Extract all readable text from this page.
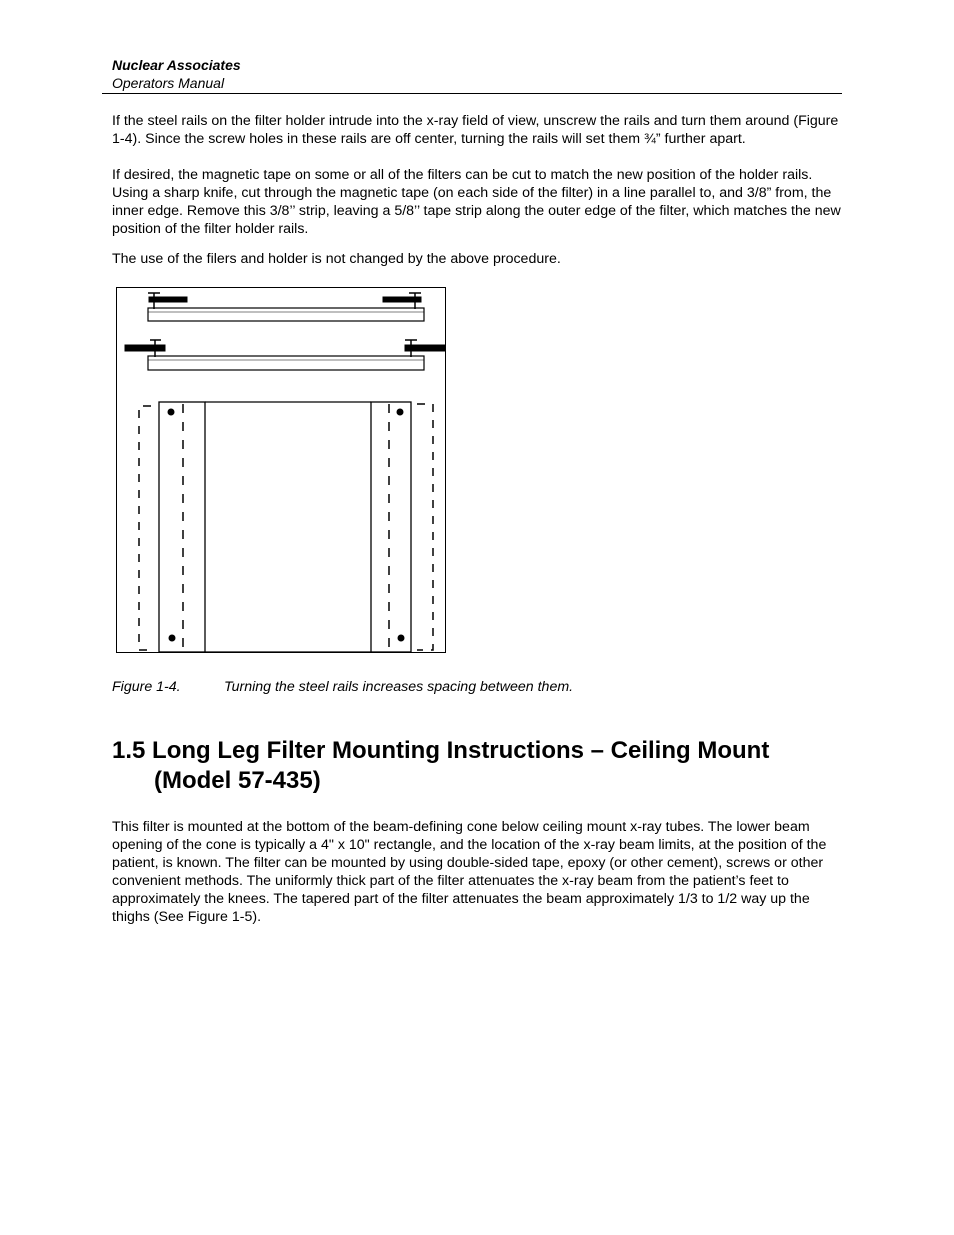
Nuclear Associates
Operators Manual
If the steel rails on the filter holder intrude into the x-ray field of view, unscrew the rails and turn them around (Figure 1-4). Since the screw holes in these rails are off center, turning the rails will set them ¾” further apart.
If desired, the magnetic tape on some or all of the filters can be cut to match the new position of the holder rails. Using a sharp knife, cut through the magnetic tape (on each side of the filter) in a line parallel to, and 3/8” from, the inner edge. Remove this 3/8’’ strip, leaving a 5/8’’ tape strip along the outer edge of the filter, which matches the new position of the filter holder rails.
The use of the filers and holder is not changed by the above procedure.
Figure 1-4.	Turning the steel rails increases spacing between them.
1.5 Long Leg Filter Mounting Instructions – Ceiling Mount
(Model 57-435)
This filter is mounted at the bottom of the beam-defining cone below ceiling mount x-ray tubes. The lower beam opening of the cone is typically a 4" x 10" rectangle, and the location of the x-ray beam limits, at the position of the patient, is known. The filter can be mounted by using double-sided tape, epoxy (or other cement), screws or other convenient methods. The uniformly thick part of the filter attenuates the x-ray beam from the patient’s feet to approximately the knees. The tapered part of the filter attenuates the beam approximately 1/3 to 1/2 way up the thighs (See Figure 1-5).
